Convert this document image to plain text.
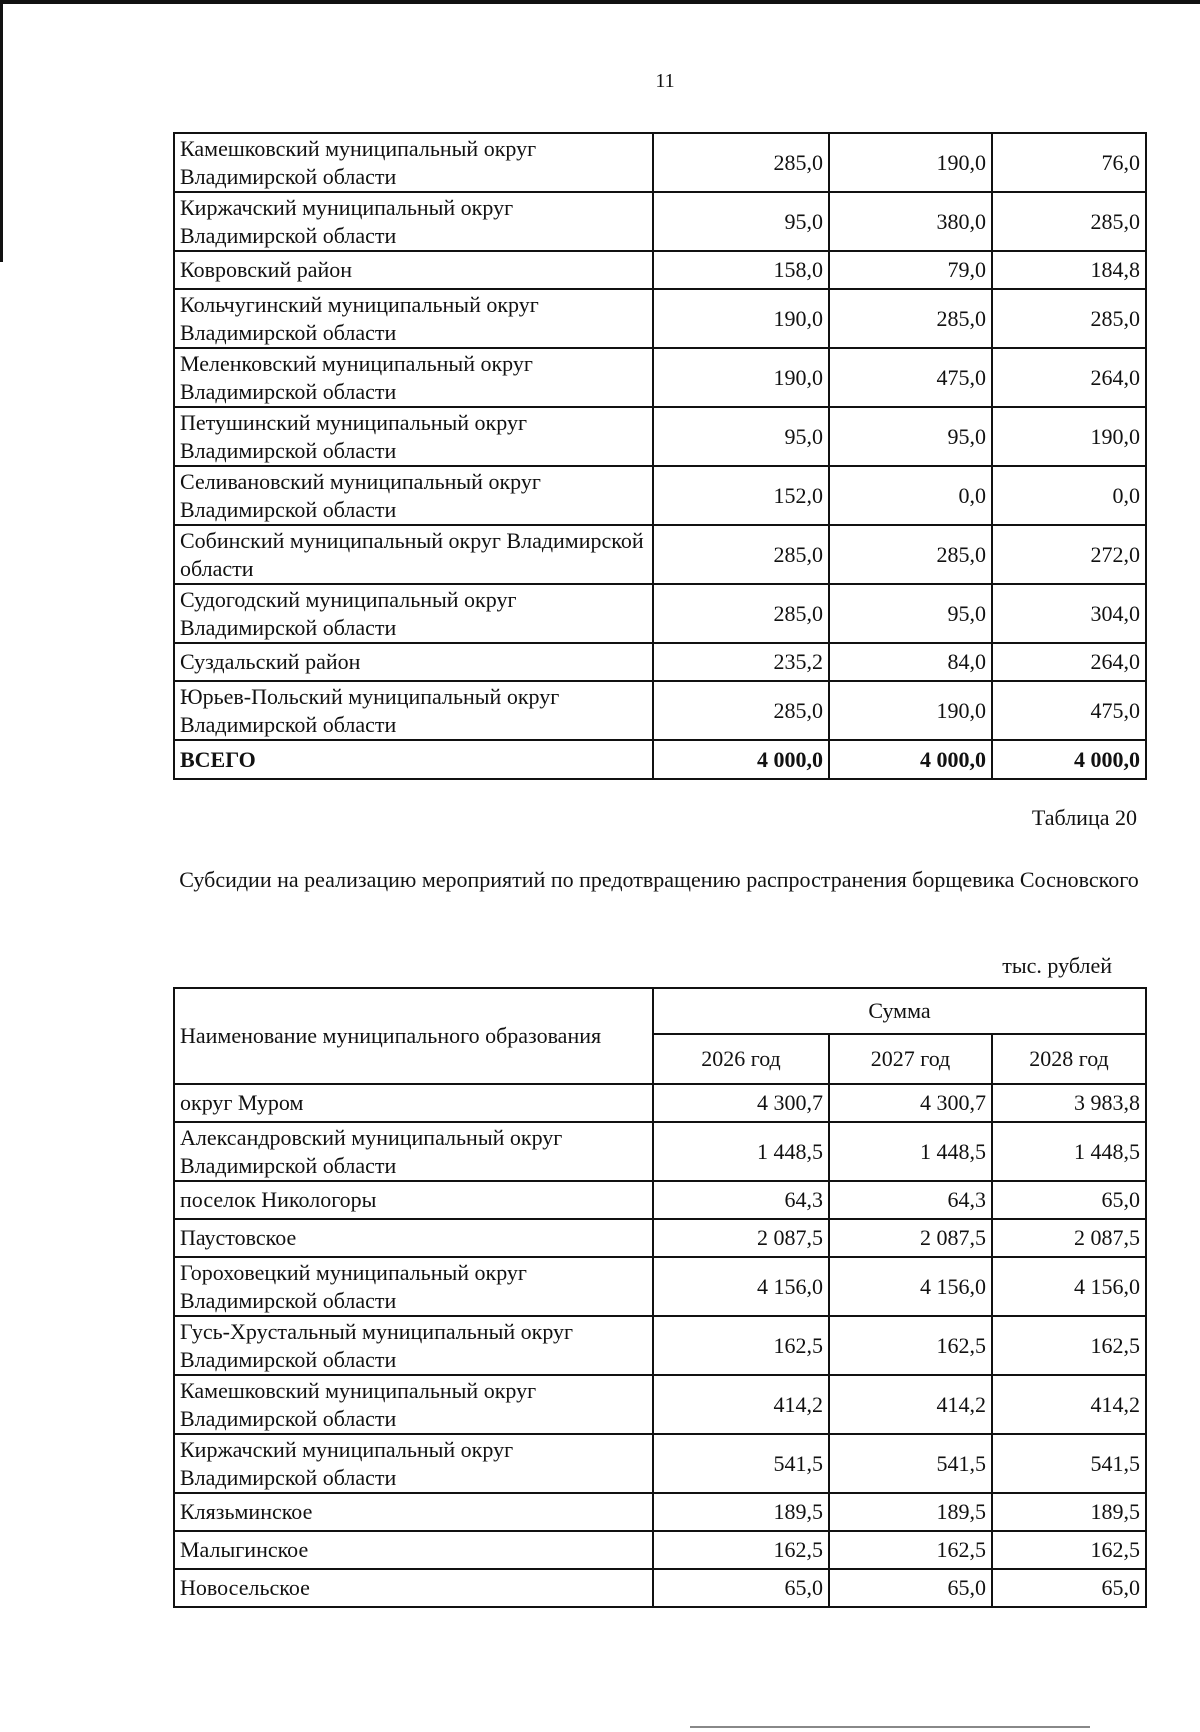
11
Камешковский муниципальный округ Владимирской области	285,0	190,0	76,0
Киржачский муниципальный округ Владимирской области	95,0	380,0	285,0
Ковровский район	158,0	79,0	184,8
Кольчугинский муниципальный округ Владимирской области	190,0	285,0	285,0
Меленковский муниципальный округ Владимирской области	190,0	475,0	264,0
Петушинский муниципальный округ Владимирской области	95,0	95,0	190,0
Селивановский муниципальный округ Владимирской области	152,0	0,0	0,0
Собинский муниципальный округ Владимирской области	285,0	285,0	272,0
Судогодский муниципальный округ Владимирской области	285,0	95,0	304,0
Суздальский район	235,2	84,0	264,0
Юрьев-Польский муниципальный округ Владимирской области	285,0	190,0	475,0
ВСЕГО	4 000,0	4 000,0	4 000,0
Таблица 20
Субсидии на реализацию мероприятий по предотвращению распространения борщевика Сосновского
тыс. рублей
Наименование муниципального образования	Сумма		
	2026 год	2027 год	2028 год
округ Муром	4 300,7	4 300,7	3 983,8
Александровский муниципальный округ Владимирской области	1 448,5	1 448,5	1 448,5
поселок Никологоры	64,3	64,3	65,0
Паустовское	2 087,5	2 087,5	2 087,5
Гороховецкий муниципальный округ Владимирской области	4 156,0	4 156,0	4 156,0
Гусь-Хрустальный муниципальный округ Владимирской области	162,5	162,5	162,5
Камешковский муниципальный округ Владимирской области	414,2	414,2	414,2
Киржачский муниципальный округ Владимирской области	541,5	541,5	541,5
Клязьминское	189,5	189,5	189,5
Малыгинское	162,5	162,5	162,5
Новосельское	65,0	65,0	65,0
